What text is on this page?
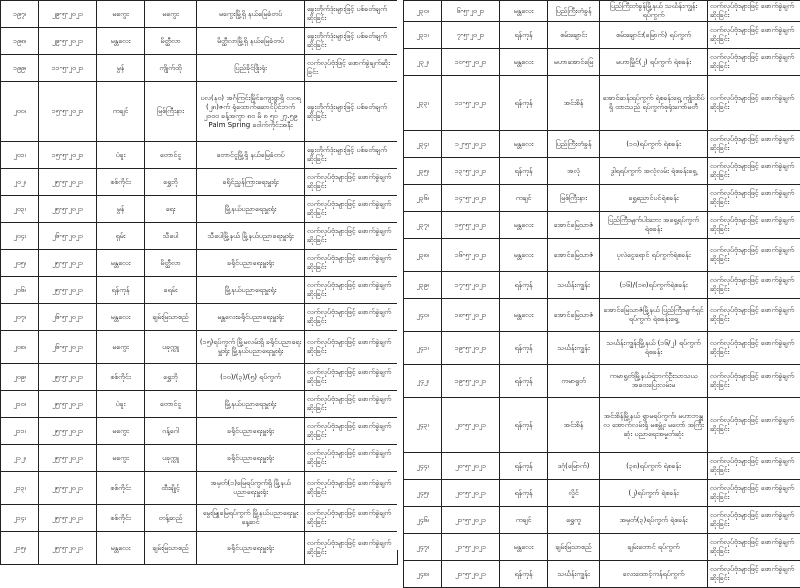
၁၉၇၊	၂၉-၅-၂၀၂၁	မကွေး	မကွေး	မကွေးမြို့ရှိ နယ်မြေခံတပ်	ခွေးတိုက်ဒုံးများဖြင့် ပစ်ခတ်ချက်ဆိုးခြင်း
၁၉၈၊	၂၉-၅-၂၀၂၁	မန္တလေး	မိတ္ထီလာ	မိတ္ထီလာမြို့ရှိ နယ်မြေခံတပ်	ခွေးတိုက်ဒုံးများဖြင့် ပစ်ခတ်ချက်ဆိုးခြင်း
၁၉၉၊	၁၁-၅-၂၀၂၁	မွန်	ကျိုက်ထို	ပြည်ခိုင်ဖြိုးရုံး	လက်လုပ်ဗုံးဖြင့် ဖောက်ခွဲချက်ဆိုးခြင်း
၂၀၀၊	၁၅-၅-၂၀၂၁	ကချင်	မြစ်ကြီးနား	ပလ(နဝ) အင်္ဂကြင်းမြိုင်ကျေးရွာရှိ လဝရ (၂၈)ဇက် ရုံထောက်ဆောင်ပိုင်ဘက် ၂၀၀၀ ခန့်အကွာ ၈၀ မိ ၈ ၅၀ ၂၇.၅၉ Palm Spring ဝေါက်ကိုင်းအနီး	ခွေးတိုက်ဒုံးများဖြင့် ပစ်ခတ်ချက်ဆိုးခြင်း
၂၀၁၊	၁၅-၅-၂၀၂၁	ပဲခူး	တောင်ငူ	တောင်ငူမြို့ရှိ နယ်မြေခံတပ်	ခွေးတိုက်ဒုံးများဖြင့် ပစ်ခတ်ချက်ဆိုးခြင်း
၂၀၂၊	၂၅-၅-၂၀၂၁	စစ်ကိုင်း	ရွှေဘို	ခရိုင်ညွှန်ကြားရေးမှူးရုံး	လက်လုပ်ဗုံးများဖြင့် ဖောက်ခွဲချက်ဆိုးခြင်း
၂၀၃၊	၂၅-၅-၂၀၂၁	မွန်	ရေး	မြို့နယ်ပညာရေးမှူးရုံး	လက်လုပ်ဗုံးများဖြင့် ဖောက်ခွဲချက်ဆိုးခြင်း
၂၀၄၊	၂၆-၅-၂၀၂၁	ရှမ်း	သီပေါ	သီပေါမြို့နယ် မြို့နယ်ပညာရေးမှူးရုံး	လက်လုပ်ဗုံးများဖြင့် ဖောက်ခွဲချက်ဆိုးခြင်း
၂၀၅၊	၂၅-၅-၂၀၂၁	မန္တလေး	မိတ္ထီလာ	ခရိုင်ပညာရေးမှူးရုံး	လက်လုပ်ဗုံးများဖြင့် ဖောက်ခွဲချက်ဆိုးခြင်း
၂၀၆၊	၂၅-၅-၂၀၂၁	ရန်ကုန်	ခရမ်း	မြို့နယ်ပညာရေးမှူးရုံး	လက်လုပ်ဗုံးများဖြင့် ဖောက်ခွဲချက်ဆိုးခြင်း
၂၀၇၊	၂၆-၅-၂၀၂၁	မန္တလေး	ချမ်းမြသာစည်	မန္တလေးခရိုင်ပညာရေးမှူးရုံး	လက်လုပ်ဗုံးများဖြင့် ဖောက်ခွဲချက်ဆိုးခြင်း
၂၀၈၊	၂၆-၅-၂၀၂၁	မကွေး	ပခုက္ကူ	(၁၅)ရပ်ကွက် မြို့မလမ်းရှိ ခရိုင်ပညာရေးမှူးရုံး မြို့နယ်ပညာရေးမှူးရုံး	လက်လုပ်ဗုံးများဖြင့် ဖောက်ခွဲချက်ဆိုးခြင်း
၂၀၉၊	၂၅-၅-၂၀၂၁	စစ်ကိုင်း	ရွှေဘို	(၁၀)/(၃)/(၅) ရပ်ကွက်	လက်လုပ်ဗုံးများဖြင့် ဖောက်ခွဲချက်ဆိုးခြင်း
၂၁၀၊	၂၅-၅-၂၀၂၁	ပဲခူး	တောင်ငူ	မြို့နယ်ပညာရေးမှူးရုံး	လက်လုပ်ဗုံးများဖြင့် ဖောက်ခွဲချက်ဆိုးခြင်း
၂၁၁၊	၂၅-၅-၂၀၂၁	မကွေး	ဂန့်ဂေါ	ခရိုင်ပညာရေးမှူးရုံး	လက်လုပ်ဗုံးများဖြင့် ဖောက်ခွဲချက်ဆိုးခြင်း
၂၁၂၊	၂၅-၅-၂၀၂၁	မကွေး	ပခုက္ကူ	ခရိုင်ပညာရေးမှူးရုံး	လက်လုပ်ဗုံးများဖြင့် ဖောက်ခွဲချက်ဆိုးခြင်း
၂၁၃၊	၂၅-၅-၂၀၂၁	စစ်ကိုင်း	ထီးချိုင့်	အမှတ်(၁)မြေရပ်ကွက်ရှိ မြို့နယ်ပညာရေးမှူးရုံး	လက်လုပ်ဗုံးများဖြင့် ဖောက်ခွဲချက်ဆိုးခြင်း
၂၁၄၊	၂၅-၅-၂၀၂၁	စစ်ကိုင်း	တန့်ဆည်	မွေးမြူမြေရပ်ကွက် မြို့နယ်ပညာရေးမှူး နေ့ဆင်	လက်လုပ်ဗုံးများဖြင့် ဖောက်ခွဲချက်ဆိုးခြင်း
၂၁၅၊	၂၅-၅-၂၀၂၁	မန္တလေး	ချမ်းမြသာစည်	ခရိုင်ပညာရေးမှူးရုံး	လက်လုပ်ဗုံးများဖြင့် ဖောက်ခွဲချက်ဆိုးခြင်း
၂၃၀၊	၆-၅-၂၀၂၁	မန္တလေး	ပြည်ကြီးတံခွန်	ပြည်ကြီးတံခွန်မြို့နယ် သင်္ဃန်းကျွန်းရပ်ကွက်	လက်လုပ်ဗုံးများဖြင့် ဖောက်ခွဲချက်ဆိုးခြင်း
၂၃၁၊	၇-၅-၂၀၂၁	ရန်ကုန်	စမ်းချောင်း	စမ်းချောင်း(မြောက်) ရပ်ကွက်	လက်လုပ်ဗုံးများဖြင့် ဖောက်ခွဲချက်ဆိုးခြင်း
၂၃၂၊	၁၀-၅-၂၀၂၁	မန္တလေး	မဟာအောင်မြေ	မဟာမြိုင်(၂) ရပ်ကွက် ရဲစခန်း	လက်လုပ်ဗုံးများဖြင့် ဖောက်ခွဲချက်ဆိုးခြင်း
၂၃၃၊	၁၁-၅-၂၀၂၁	ရန်ကုန်	အင်းစိန်	အောင်ဆန်းရပ်ကွက် ရဲစခန်းရှေ့ ကျုံးထိပ်ရှိ ထားသည် ရပ်ကွက်စုရုံးကော်မတီ	လက်လုပ်ဗုံးများဖြင့် ဖောက်ခွဲချက်ဆိုးခြင်း
၂၃၄၊	၁၂-၅-၂၀၂၁	မန္တလေး	ပြည်ကြီးတံခွန်	(၁၀)ရပ်ကွက် ရဲစခန်း	လက်လုပ်ဗုံးများဖြင့် ဖောက်ခွဲချက်ဆိုးခြင်း
၂၃၅၊	၁၃-၅-၂၀၂၁	ရန်ကုန်	အလုံ	ဒွါရရပ်ကွက် အလုံလမ်း ရဲစခန်းရှေ့	လက်လုပ်ဗုံးများဖြင့် ဖောက်ခွဲချက်ဆိုးခြင်း
၂၃၆၊	၁၄-၅-၂၀၂၁	ကချင်	မြစ်ကြီးနား	ရွှေညောင်ပင်ရဲစခန်း	လက်လုပ်ဗုံးများဖြင့် ဖောက်ခွဲချက်ဆိုးခြင်း
၂၃၇၊	၁၅-၅-၂၀၂၁	မန္တလေး	အောင်မြေသာဇံ	ပြည်ကြီးမျက်ပါးဘေး အရှေ့ရပ်ကွက် ရဲစခန်း	လက်လုပ်ဗုံးများဖြင့် ဖောက်ခွဲချက်ဆိုးခြင်း
၂၃၈၊	၁၆-၅-၂၀၂၁	မန္တလေး	အောင်မြေသာဇံ	ပုလဲငွေရောင် ရပ်ကွက်ရဲစခန်း	လက်လုပ်ဗုံးများဖြင့် ဖောက်ခွဲချက်ဆိုးခြင်း
၂၃၉၊	၁၇-၅-၂၀၂၁	ရန်ကုန်	သင်္ဃန်းကျွန်း	(၁၆)/(၁၈)ရပ်ကွက်ရဲစခန်း	လက်လုပ်ဗုံးများဖြင့် ဖောက်ခွဲချက်ဆိုးခြင်း
၂၄၀၊	၁၈-၅-၂၀၂၁	မန္တလေး	အောင်မြေသာဇံ	အောင်မြေသာဇံမြို့နယ် ပြည်ကြီးမျက်ရှင်ရပ်ကွက် ရဲစခန်းရှေ့	လက်လုပ်ဗုံးများဖြင့် ဖောက်ခွဲချက်ဆိုးခြင်း
၂၄၁၊	၁၉-၅-၂၀၂၁	ရန်ကုန်	သင်္ဃန်းကျွန်း	သင်္ဃန်းကျွန်းမြို့နယ် (၁၆/၂) ရပ်ကွက်ရဲစခန်း	လက်လုပ်ဗုံးများဖြင့် ဖောက်ခွဲချက်ဆိုးခြင်း
၂၄၂၊	၁၉-၅-၂၀၂၁	ရန်ကုန်	ကမာရွတ်	ကမာရွတ်မြို့နယ်ရဲဘက်ဦးသာသယ အဝေးပြေးလမ်းမ	လက်လုပ်ဗုံးများဖြင့် ဖောက်ခွဲချက်ဆိုးခြင်း
၂၄၃၊	၂၀-၅-၂၀၂၁	ရန်ကုန်	အင်းစိန်	အင်းစိန်မြို့နယ် ရွာမရပ်ကွက်၊ မဟာဘန္ဓုလ အောက်လမ်းရှိ မစမ္ဘုံး မတော် အကြီးဆုံး ပညာရေးအမှုတ်ဆုံး	လက်လုပ်ဗုံးများဖြင့် ဖောက်ခွဲချက်ဆိုးခြင်း
၂၄၄၊	၂၀-၅-၂၀၂၁	ရန်ကုန်	ဒဂုံ(မြောက်)	(၃၈)ရပ်ကွက် ရဲစခန်း	လက်လုပ်ဗုံးများဖြင့် ဖောက်ခွဲချက်ဆိုးခြင်း
၂၄၅၊	၂၀-၅-၂၀၂၁	ရန်ကုန်	လှိုင်	(၂)ရပ်ကွက် ရဲစခန်း	လက်လုပ်ဗုံးများဖြင့် ဖောက်ခွဲချက်ဆိုးခြင်း
၂၄၆၊	၂၁-၅-၂၀၂၁	ကချင်	ရွှေကူ	အမှတ်(၃)ရပ်ကွက် ရဲစခန်း	လက်လုပ်ဗုံးများဖြင့် ဖောက်ခွဲချက်ဆိုးခြင်း
၂၄၇၊	၂၁-၅-၂၀၂၁	မန္တလေး	ချမ်းမြသာစည်	ချမ်းတောင် ရပ်ကွက်	လက်လုပ်ဗုံးများဖြင့် ဖောက်ခွဲချက်ဆိုးခြင်း
၂၄၈၊	၂၁-၅-၂၀၂၁	ရန်ကုန်	သင်္ဃန်းကျွန်း	လေးထောင့်ကန်ရပ်ကွက်	လက်လုပ်ဗုံးများဖြင့် ဖောက်ခွဲချက်ဆိုးခြင်း
